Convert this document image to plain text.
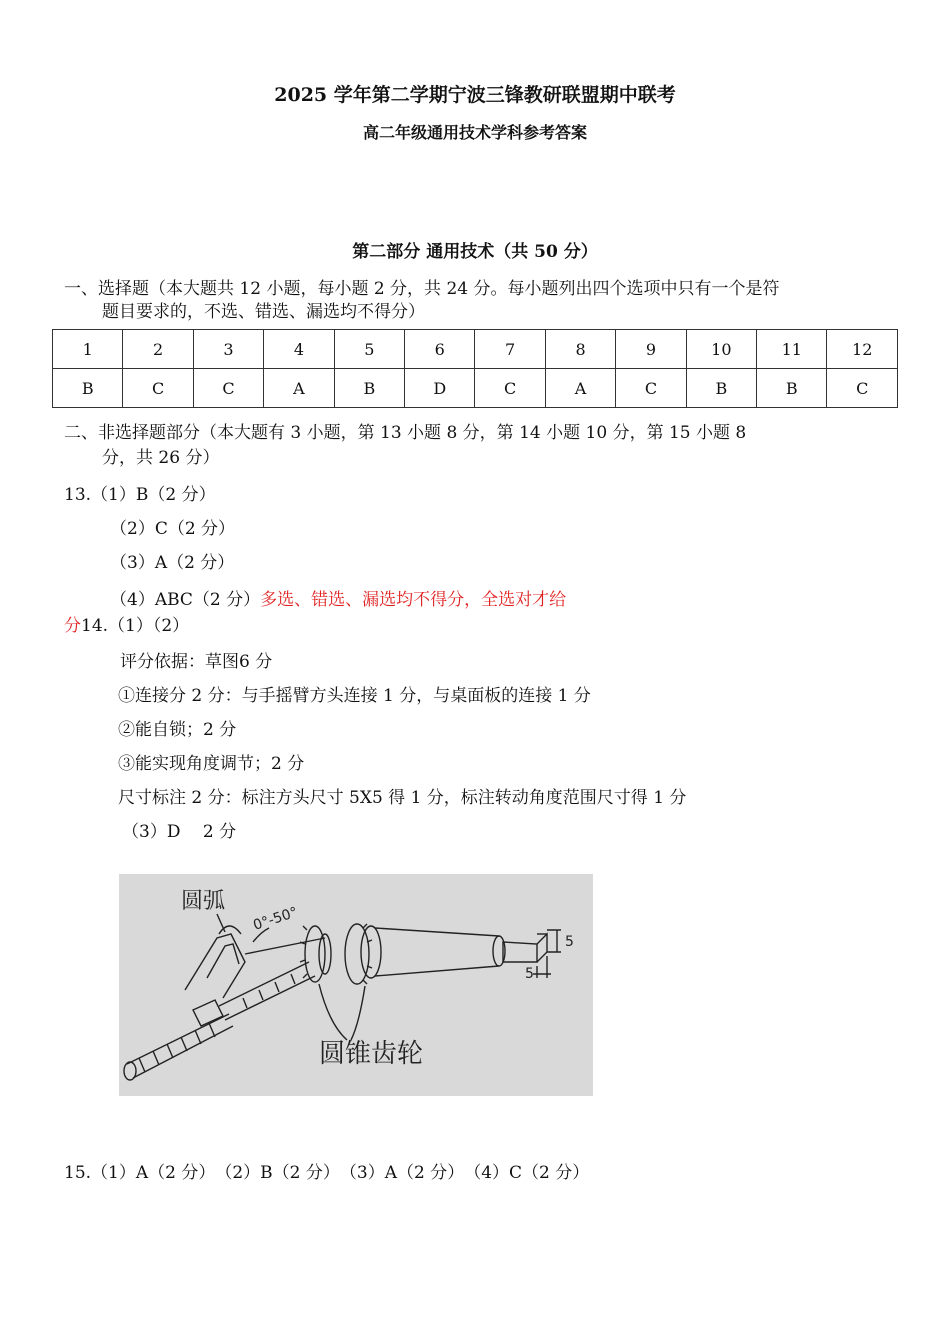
2025 学年第二学期宁波三锋教研联盟期中联考
高二年级通用技术学科参考答案
第二部分 通用技术（共 50 分）
一、选择题（本大题共 12 小题，每小题 2 分，共 24 分。每小题列出四个选项中只有一个是符
题目要求的，不选、错选、漏选均不得分）
1	2	3	4	5	6	7	8	9	10	11	12
B	C	C	A	B	D	C	A	C	B	B	C
二、非选择题部分（本大题有 3 小题，第 13 小题 8 分，第 14 小题 10 分，第 15 小题 8
分，共 26 分）
13.（1）B（2 分）
（2）C（2 分）
（3）A（2 分）
（4）ABC（2 分）多选、错选、漏选均不得分，全选对才给
分14.（1）（2）
评分依据：草图6 分
①连接分 2 分：与手摇臂方头连接 1 分，与桌面板的连接 1 分
②能自锁；2 分
③能实现角度调节；2 分
尺寸标注 2 分：标注方头尺寸 5X5 得 1 分，标注转动角度范围尺寸得 1 分
（3）D　 2 分
圆弧
0°-50°
圆锥齿轮
5
5
15.（1）A（2 分）　（2）B（2 分）　（3）A（2 分）　（4）C（2 分）
